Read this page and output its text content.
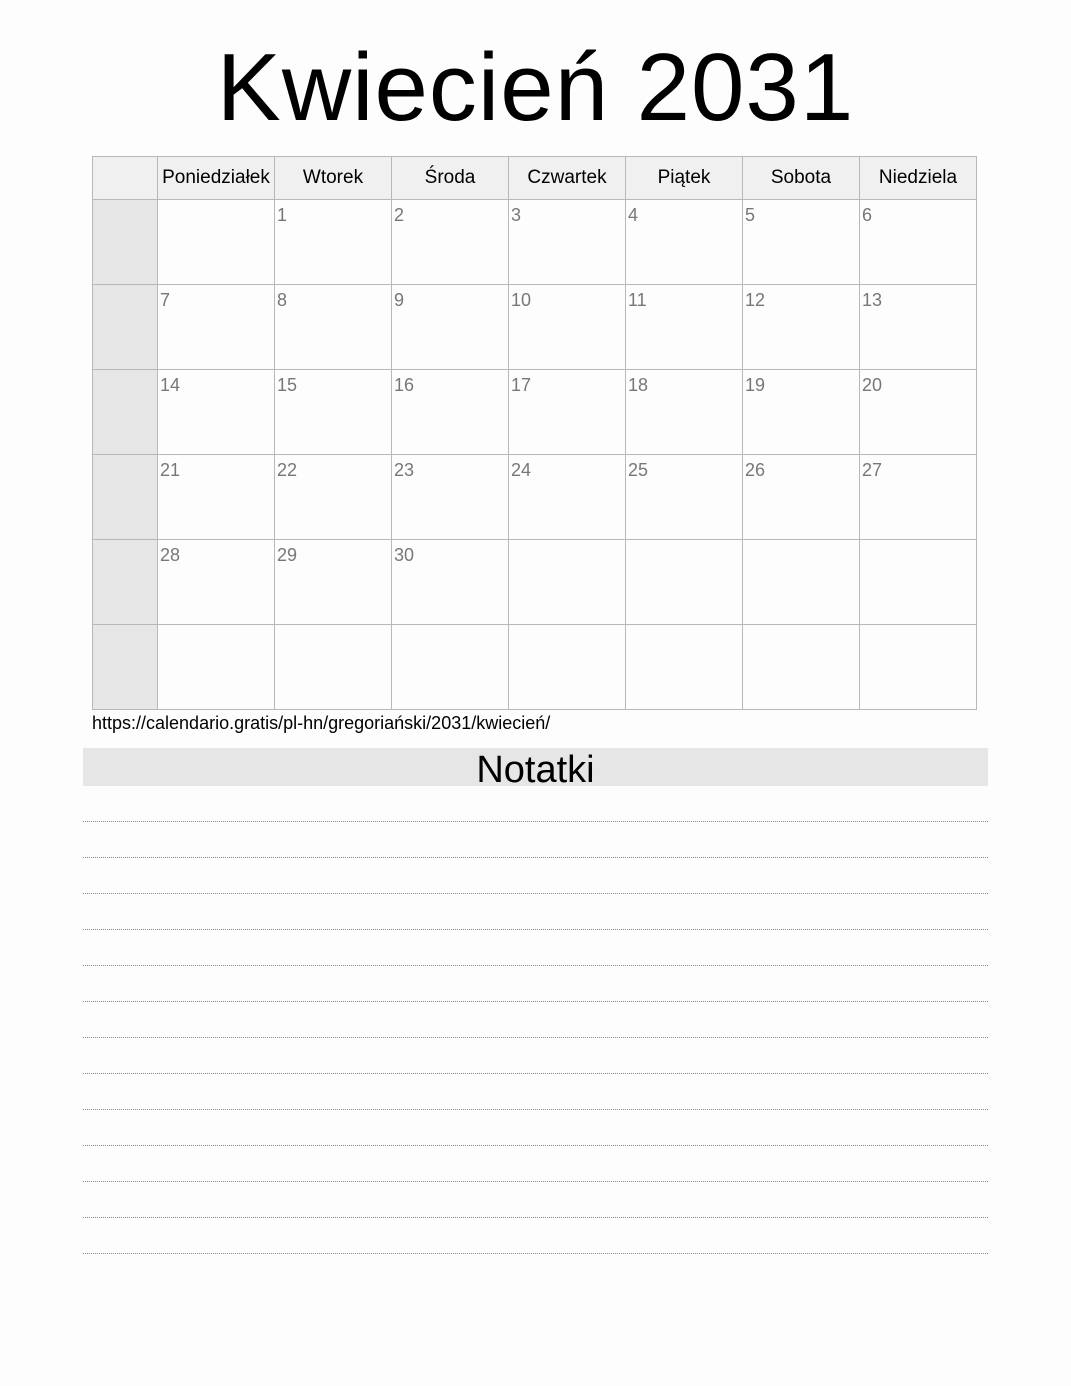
Kwiecień 2031
	Poniedziałek	Wtorek	Środa	Czwartek	Piątek	Sobota	Niedziela

		1	2	3	4	5	6

	7	8	9	10	11	12	13

	14	15	16	17	18	19	20

	21	22	23	24	25	26	27

	28	29	30				

https://calendario.gratis/pl-hn/gregoriański/2031/kwiecień/
Notatki
